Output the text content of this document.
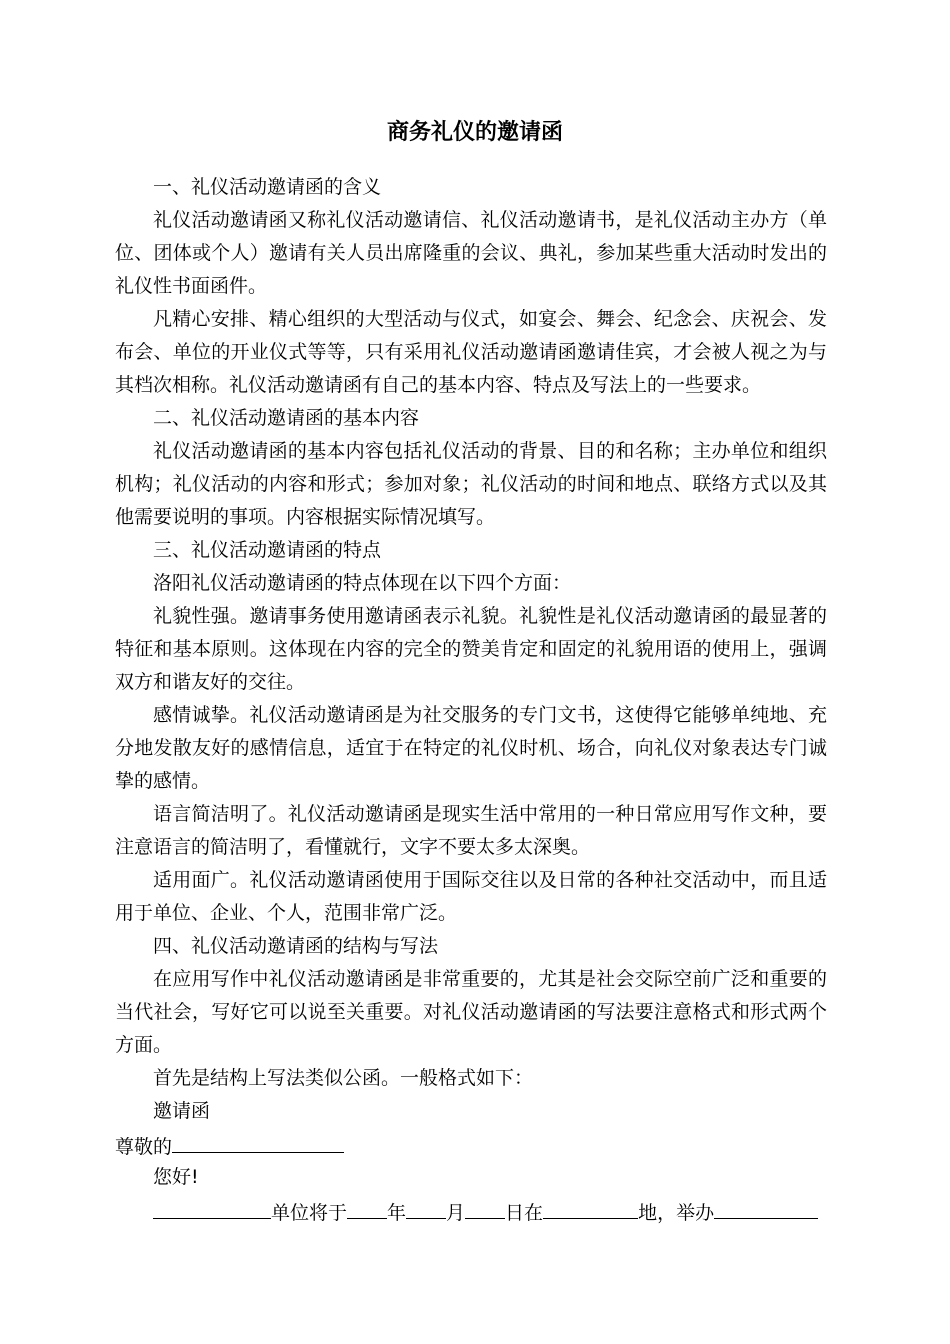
商务礼仪的邀请函
一、礼仪活动邀请函的含义
礼仪活动邀请函又称礼仪活动邀请信、礼仪活动邀请书，是礼仪活动主办方（单
位、团体或个人）邀请有关人员出席隆重的会议、典礼，参加某些重大活动时发出的
礼仪性书面函件。
凡精心安排、精心组织的大型活动与仪式，如宴会、舞会、纪念会、庆祝会、发
布会、单位的开业仪式等等，只有采用礼仪活动邀请函邀请佳宾，才会被人视之为与
其档次相称。礼仪活动邀请函有自己的基本内容、特点及写法上的一些要求。
二、礼仪活动邀请函的基本内容
礼仪活动邀请函的基本内容包括礼仪活动的背景、目的和名称；主办单位和组织
机构；礼仪活动的内容和形式；参加对象；礼仪活动的时间和地点、联络方式以及其
他需要说明的事项。内容根据实际情况填写。
三、礼仪活动邀请函的特点
洛阳礼仪活动邀请函的特点体现在以下四个方面：
礼貌性强。邀请事务使用邀请函表示礼貌。礼貌性是礼仪活动邀请函的最显著的
特征和基本原则。这体现在内容的完全的赞美肯定和固定的礼貌用语的使用上，强调
双方和谐友好的交往。
感情诚挚。礼仪活动邀请函是为社交服务的专门文书，这使得它能够单纯地、充
分地发散友好的感情信息，适宜于在特定的礼仪时机、场合，向礼仪对象表达专门诚
挚的感情。
语言简洁明了。礼仪活动邀请函是现实生活中常用的一种日常应用写作文种，要
注意语言的简洁明了，看懂就行，文字不要太多太深奥。
适用面广。礼仪活动邀请函使用于国际交往以及日常的各种社交活动中，而且适
用于单位、企业、个人，范围非常广泛。
四、礼仪活动邀请函的结构与写法
在应用写作中礼仪活动邀请函是非常重要的，尤其是社会交际空前广泛和重要的
当代社会，写好它可以说至关重要。对礼仪活动邀请函的写法要注意格式和形式两个
方面。
首先是结构上写法类似公函。一般格式如下：
邀请函
尊敬的
您好!
单位将于 年 月 日在	地，举办
